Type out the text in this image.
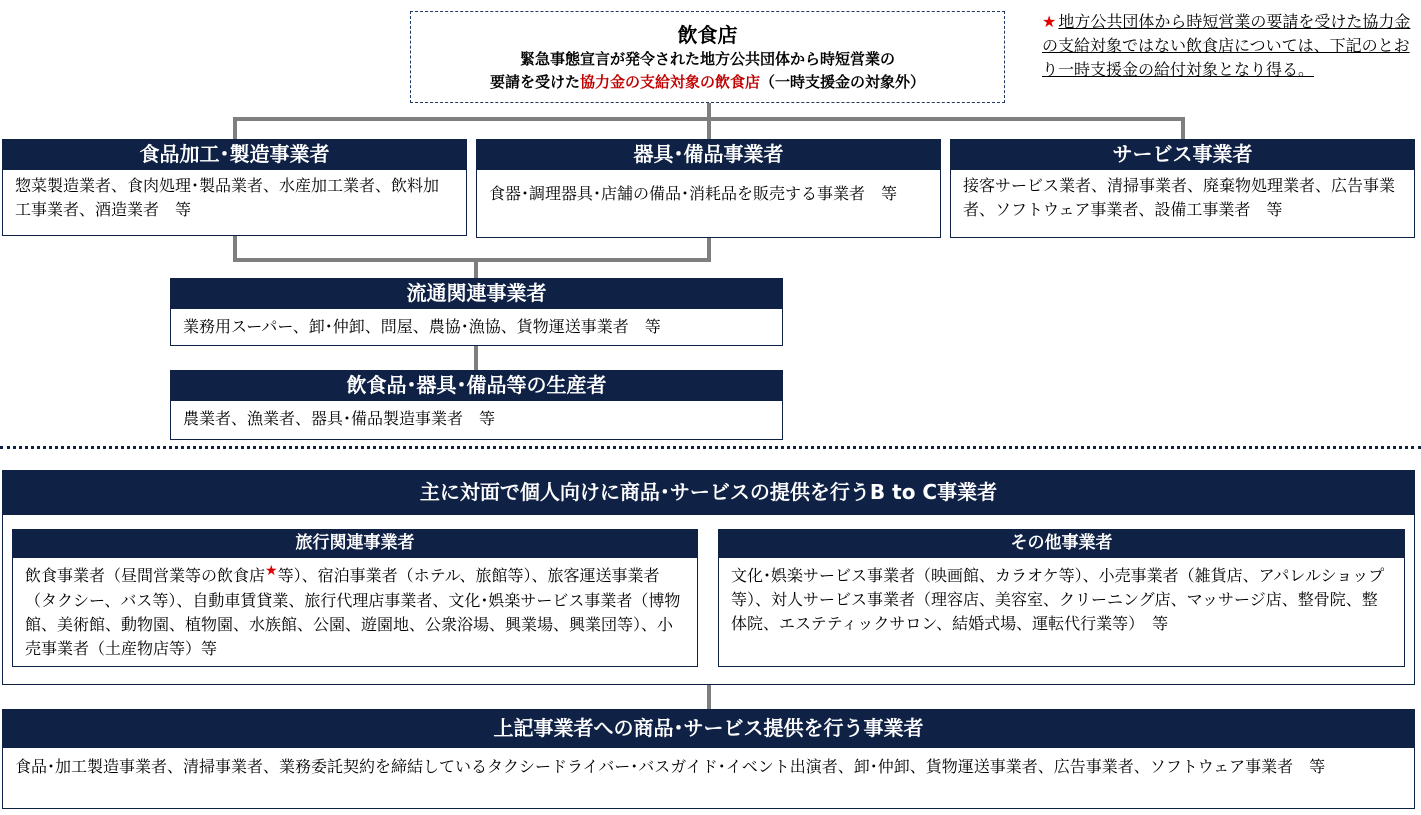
飲食店
緊急事態宣言が発令された地方公共団体から時短営業の
要請を受けた協力金の支給対象の飲食店（一時支援金の対象外）
★ 地方公共団体から時短営業の要請を受けた協力金の支給対象ではない飲食店については、下記のとおり一時支援金の給付対象となり得る。
食品加工･製造事業者
惣菜製造業者、食肉処理･製品業者、水産加工業者、飲料加工事業者、酒造業者　等
器具･備品事業者
食器･調理器具･店舗の備品･消耗品を販売する事業者　等
サービス事業者
接客サービス業者、清掃事業者、廃棄物処理業者、広告事業者、ソフトウェア事業者、設備工事業者　等
流通関連事業者
業務用スーパー、卸･仲卸、問屋、農協･漁協、貨物運送事業者　等
飲食品･器具･備品等の生産者
農業者、漁業者、器具･備品製造事業者　等
主に対面で個人向けに商品･サービスの提供を行うB to C事業者
旅行関連事業者
飲食事業者（昼間営業等の飲食店★等）、宿泊事業者（ホテル、旅館等）、旅客運送事業者（タクシー、バス等）、自動車賃貸業、旅行代理店事業者、文化･娯楽サービス事業者（博物館、美術館、動物園、植物園、水族館、公園、遊園地、公衆浴場、興業場、興業団等）、小売事業者（土産物店等）等
その他事業者
文化･娯楽サービス事業者（映画館、カラオケ等）、小売事業者（雑貨店、アパレルショップ等）、対人サービス事業者（理容店、美容室、クリーニング店、マッサージ店、整骨院、整体院、エステティックサロン、結婚式場、運転代行業等）　等
上記事業者への商品･サービス提供を行う事業者
食品･加工製造事業者、清掃事業者、業務委託契約を締結しているタクシードライバー･バスガイド･イベント出演者、卸･仲卸、貨物運送事業者、広告事業者、ソフトウェア事業者　等
